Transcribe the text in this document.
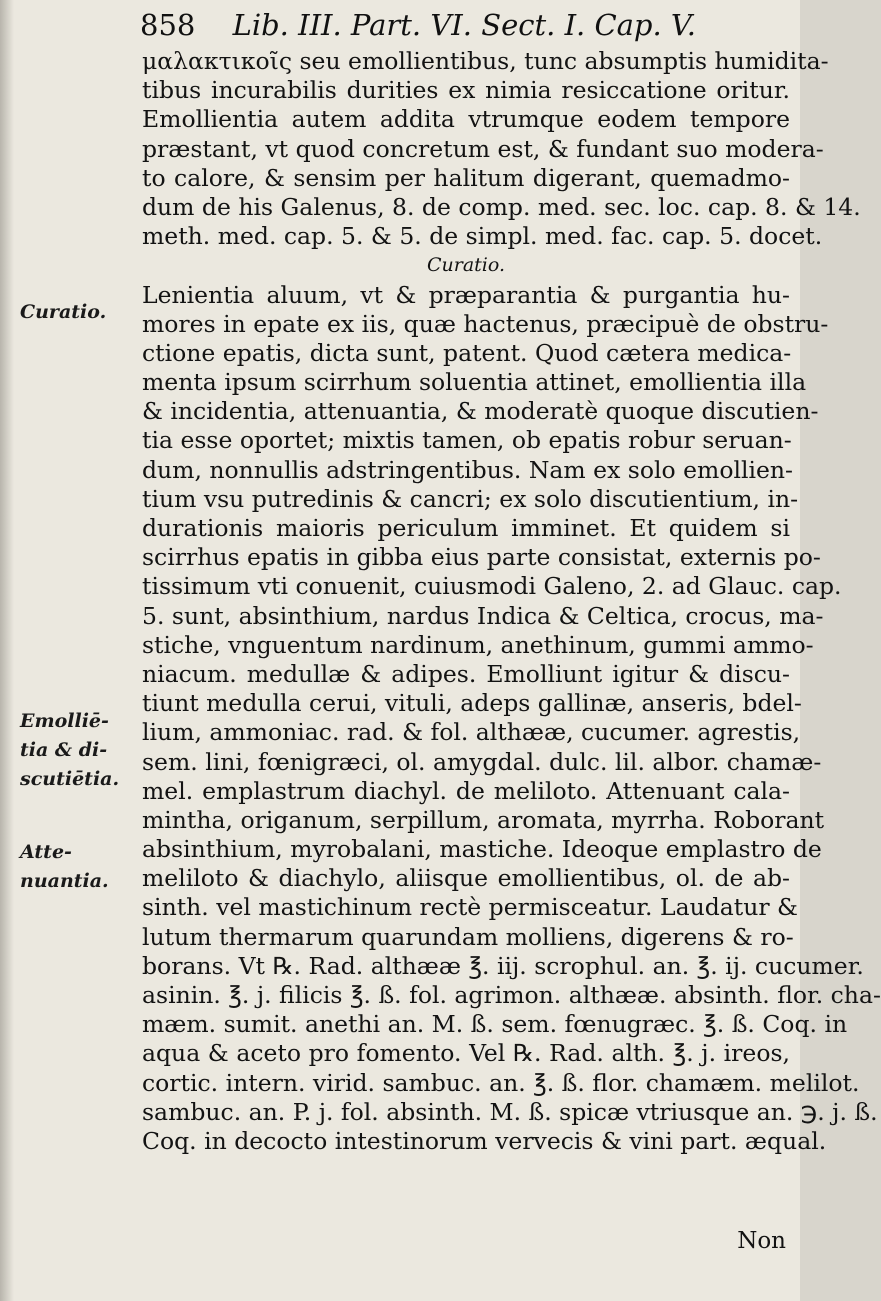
858 Lib. III. Part. VI. Sect. I. Cap. V.
Curatio.
Emolliē-
tia & di-
scutiētia.
Atte-
nuantia.
μαλακτικοῖς seu emollientibus, tunc absumptis humidita-
tibus incurabilis durities ex nimia resiccatione oritur.
Emollientia autem addita vtrumque eodem tempore
præstant, vt quod concretum est, & fundant suo modera-
to calore, & sensim per halitum digerant, quemadmo-
dum de his Galenus, 8. de comp. med. sec. loc. cap. 8. & 14.
meth. med. cap. 5. & 5. de simpl. med. fac. cap. 5. docet.
Curatio.
Lenientia aluum, vt & præparantia & purgantia hu-
mores in epate ex iis, quæ hactenus, præcipuè de obstru-
ctione epatis, dicta sunt, patent. Quod cætera medica-
menta ipsum scirrhum soluentia attinet, emollientia illa
& incidentia, attenuantia, & moderatè quoque discutien-
tia esse oportet; mixtis tamen, ob epatis robur seruan-
dum, nonnullis adstringentibus. Nam ex solo emollien-
tium vsu putredinis & cancri; ex solo discutientium, in-
durationis maioris periculum imminet. Et quidem si
scirrhus epatis in gibba eius parte consistat, externis po-
tissimum vti conuenit, cuiusmodi Galeno, 2. ad Glauc. cap.
5. sunt, absinthium, nardus Indica & Celtica, crocus, ma-
stiche, vnguentum nardinum, anethinum, gummi ammo-
niacum. medullæ & adipes. Emolliunt igitur & discu-
tiunt medulla cerui, vituli, adeps gallinæ, anseris, bdel-
lium, ammoniac. rad. & fol. althææ, cucumer. agrestis,
sem. lini, fœnigræci, ol. amygdal. dulc. lil. albor. chamæ-
mel. emplastrum diachyl. de meliloto. Attenuant cala-
mintha, origanum, serpillum, aromata, myrrha. Roborant
absinthium, myrobalani, mastiche. Ideoque emplastro de
meliloto & diachylo, aliisque emollientibus, ol. de ab-
sinth. vel mastichinum rectè permisceatur. Laudatur &
lutum thermarum quarundam molliens, digerens & ro-
borans. Vt ℞. Rad. althææ ℥. iij. scrophul. an. ℥. ij. cucumer.
asinin. ℥. j. filicis ℥. ß. fol. agrimon. althææ. absinth. flor. cha-
mæm. sumit. anethi an. M. ß. sem. fœnugræc. ℥. ß. Coq. in
aqua & aceto pro fomento. Vel ℞. Rad. alth. ℥. j. ireos,
cortic. intern. virid. sambuc. an. ℥. ß. flor. chamæm. melilot.
sambuc. an. P. j. fol. absinth. M. ß. spicæ vtriusque an. ℈. j. ß.
Coq. in decocto intestinorum vervecis & vini part. æqual.
Non
